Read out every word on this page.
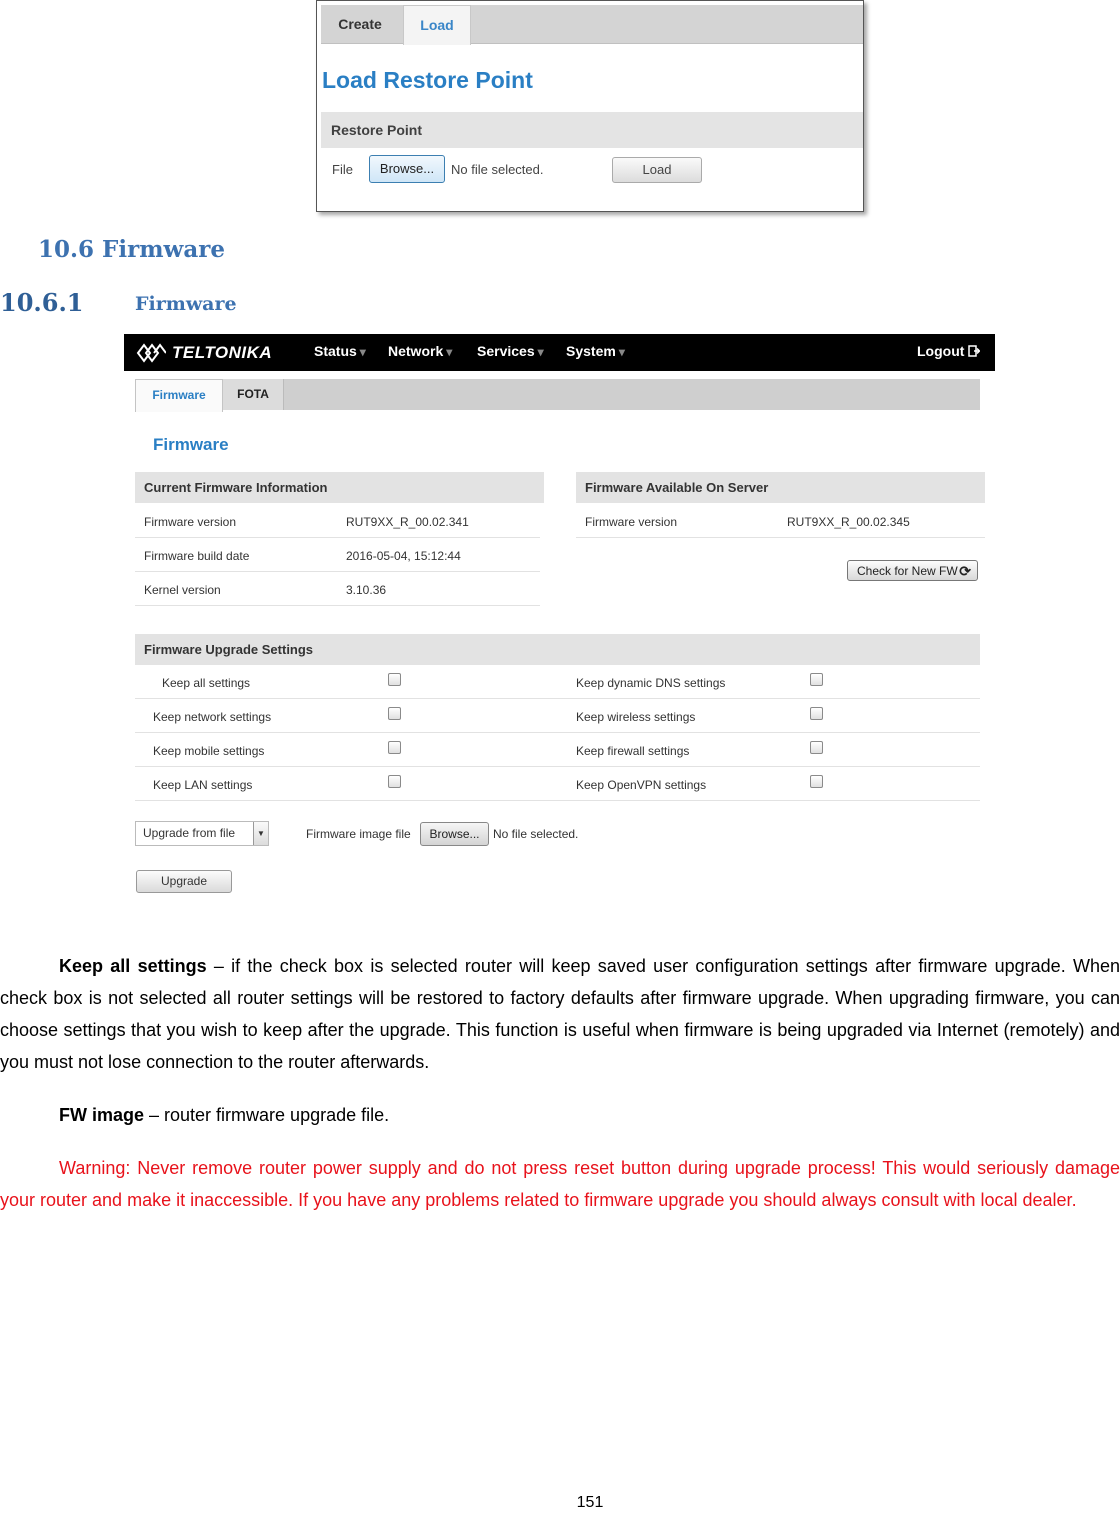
Create	Load
Load Restore Point
Restore Point
File	Browse...	No file selected.	Load
10.6 Firmware
10.6.1	Firmware
TELTONIKA	Status ▾ Network ▾ Services ▾ System ▾	Logout
Firmware	FOTA
Firmware
Current Firmware Information
Firmware version	RUT9XX_R_00.02.341
Firmware build date	2016-05-04, 15:12:44
Kernel version	3.10.36
Firmware Available On Server
Firmware version	RUT9XX_R_00.02.345
Check for New FW ⟳
Firmware Upgrade Settings
Keep all settings	Keep dynamic DNS settings
Keep network settings	Keep wireless settings
Keep mobile settings	Keep firewall settings
Keep LAN settings	Keep OpenVPN settings
Upgrade from file	▼	Firmware image file	Browse...	No file selected.
Upgrade
Keep all settings – if the check box is selected router will keep saved user configuration settings after firmware upgrade. When check box is not selected all router settings will be restored to factory defaults after firmware upgrade. When upgrading firmware, you can choose settings that you wish to keep after the upgrade. This function is useful when firmware is being upgraded via Internet (remotely) and you must not lose connection to the router afterwards.
FW image – router firmware upgrade file.
Warning: Never remove router power supply and do not press reset button during upgrade process! This would seriously damage your router and make it inaccessible. If you have any problems related to firmware upgrade you should always consult with local dealer.
151
